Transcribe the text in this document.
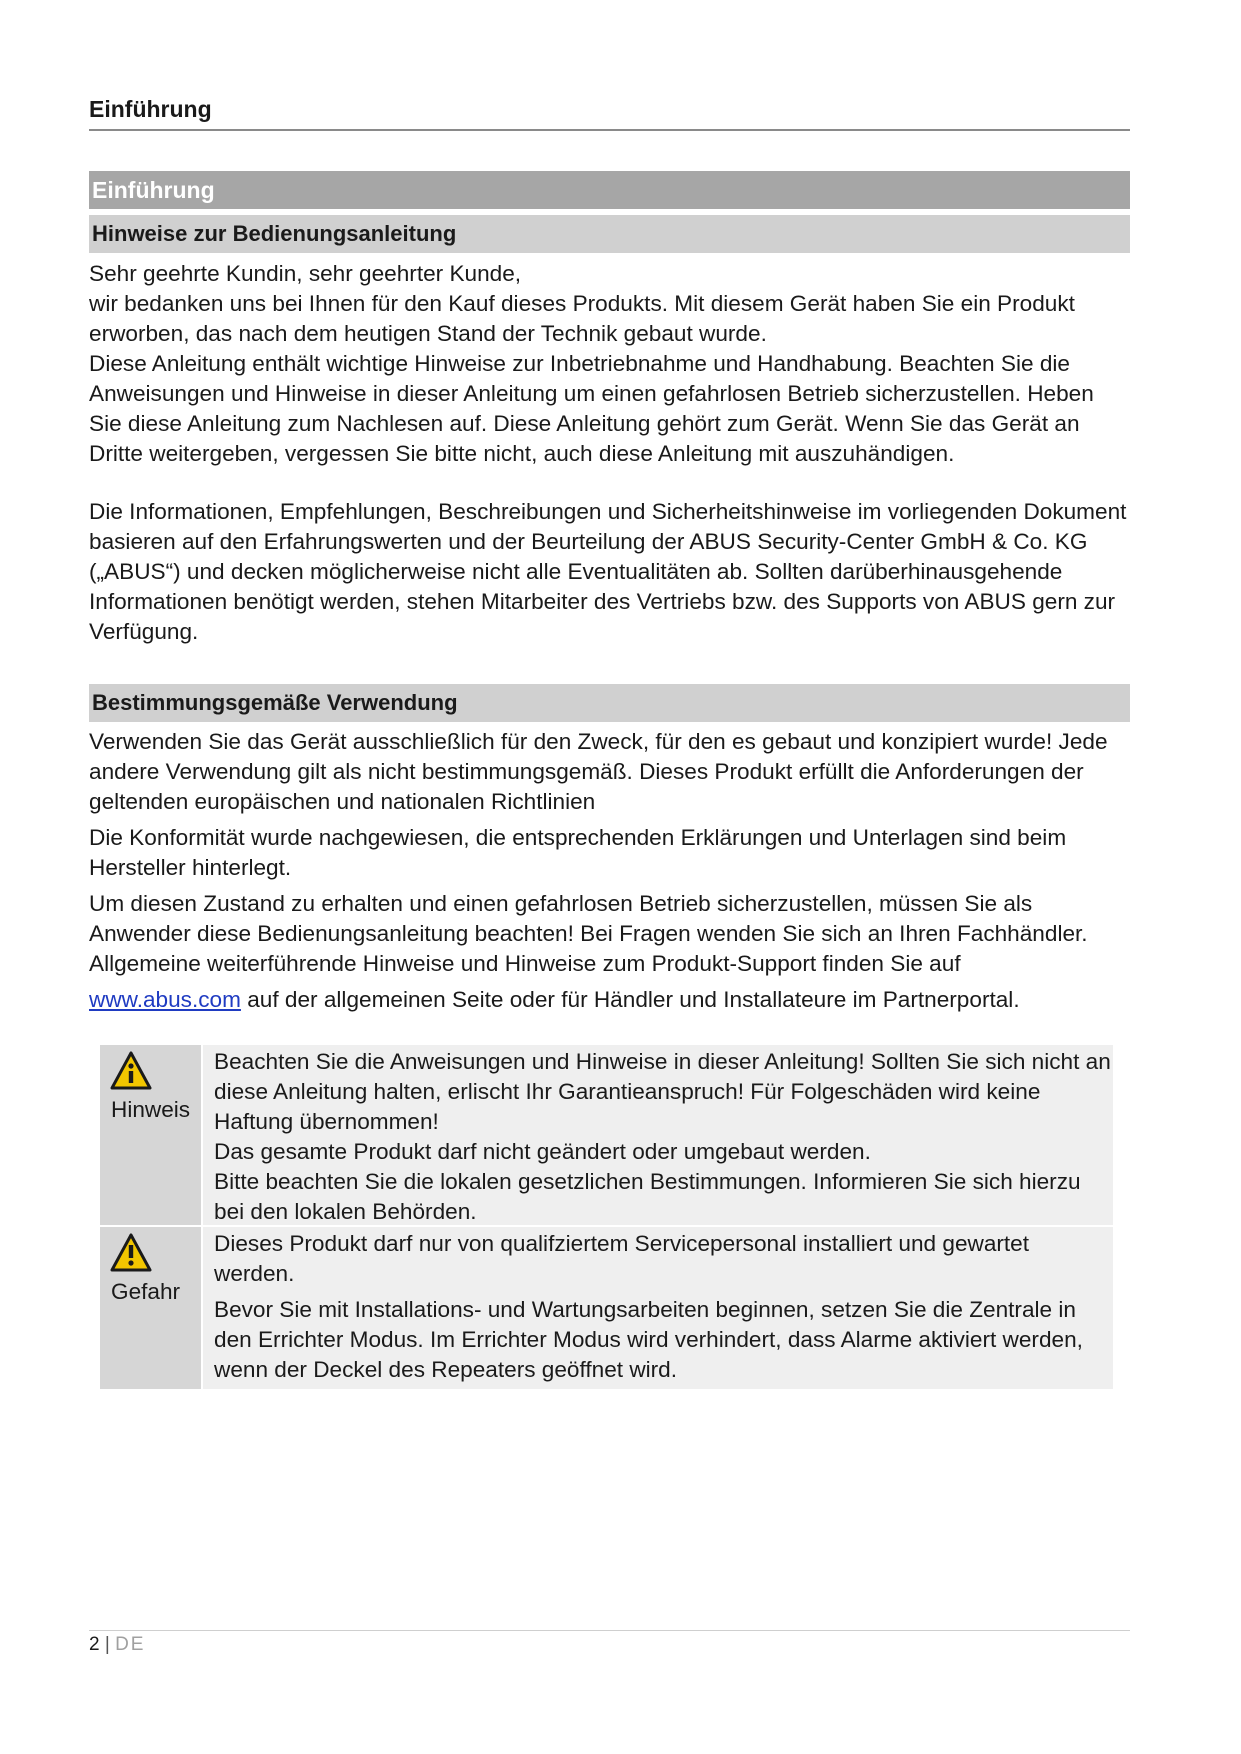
Einführung
Einführung
Hinweise zur Bedienungsanleitung

Sehr geehrte Kundin, sehr geehrter Kunde,

wir bedanken uns bei Ihnen für den Kauf dieses Produkts. Mit diesem Gerät haben Sie ein Produkt erworben, das nach dem heutigen Stand der Technik gebaut wurde.

Diese Anleitung enthält wichtige Hinweise zur Inbetriebnahme und Handhabung. Beachten Sie die Anweisungen und Hinweise in dieser Anleitung um einen gefahrlosen Betrieb sicherzustellen. Heben Sie diese Anleitung zum Nachlesen auf. Diese Anleitung gehört zum Gerät. Wenn Sie das Gerät an Dritte weitergeben, vergessen Sie bitte nicht, auch diese Anleitung mit auszuhändigen.

Die Informationen, Empfehlungen, Beschreibungen und Sicherheitshinweise im vorliegenden Dokument basieren auf den Erfahrungswerten und der Beurteilung der ABUS Security-Center GmbH & Co. KG („ABUS“) und decken möglicherweise nicht alle Eventualitäten ab. Sollten darüberhinausgehende Informationen benötigt werden, stehen Mitarbeiter des Vertriebs bzw. des Supports von ABUS gern zur Verfügung.

Bestimmungsgemäße Verwendung

Verwenden Sie das Gerät ausschließlich für den Zweck, für den es gebaut und konzipiert wurde! Jede andere Verwendung gilt als nicht bestimmungsgemäß. Dieses Produkt erfüllt die Anforderungen der geltenden europäischen und nationalen Richtlinien

Die Konformität wurde nachgewiesen, die entsprechenden Erklärungen und Unterlagen sind beim Hersteller hinterlegt.

Um diesen Zustand zu erhalten und einen gefahrlosen Betrieb sicherzustellen, müssen Sie als Anwender diese Bedienungsanleitung beachten! Bei Fragen wenden Sie sich an Ihren Fachhändler. Allgemeine weiterführende Hinweise und Hinweise zum Produkt-Support finden Sie auf

www.abus.com auf der allgemeinen Seite oder für Händler und Installateure im Partnerportal.

Hinweis

Beachten Sie die Anweisungen und Hinweise in dieser Anleitung! Sollten Sie sich nicht an diese Anleitung halten, erlischt Ihr Garantieanspruch! Für Folgeschäden wird keine Haftung übernommen!

Das gesamte Produkt darf nicht geändert oder umgebaut werden.

Bitte beachten Sie die lokalen gesetzlichen Bestimmungen. Informieren Sie sich hierzu bei den lokalen Behörden.

Gefahr

Dieses Produkt darf nur von qualifziertem Servicepersonal installiert und gewartet werden.

Bevor Sie mit Installations- und Wartungsarbeiten beginnen, setzen Sie die Zentrale in den Errichter Modus. Im Errichter Modus wird verhindert, dass Alarme aktiviert werden, wenn der Deckel des Repeaters geöffnet wird.

2 | DE
